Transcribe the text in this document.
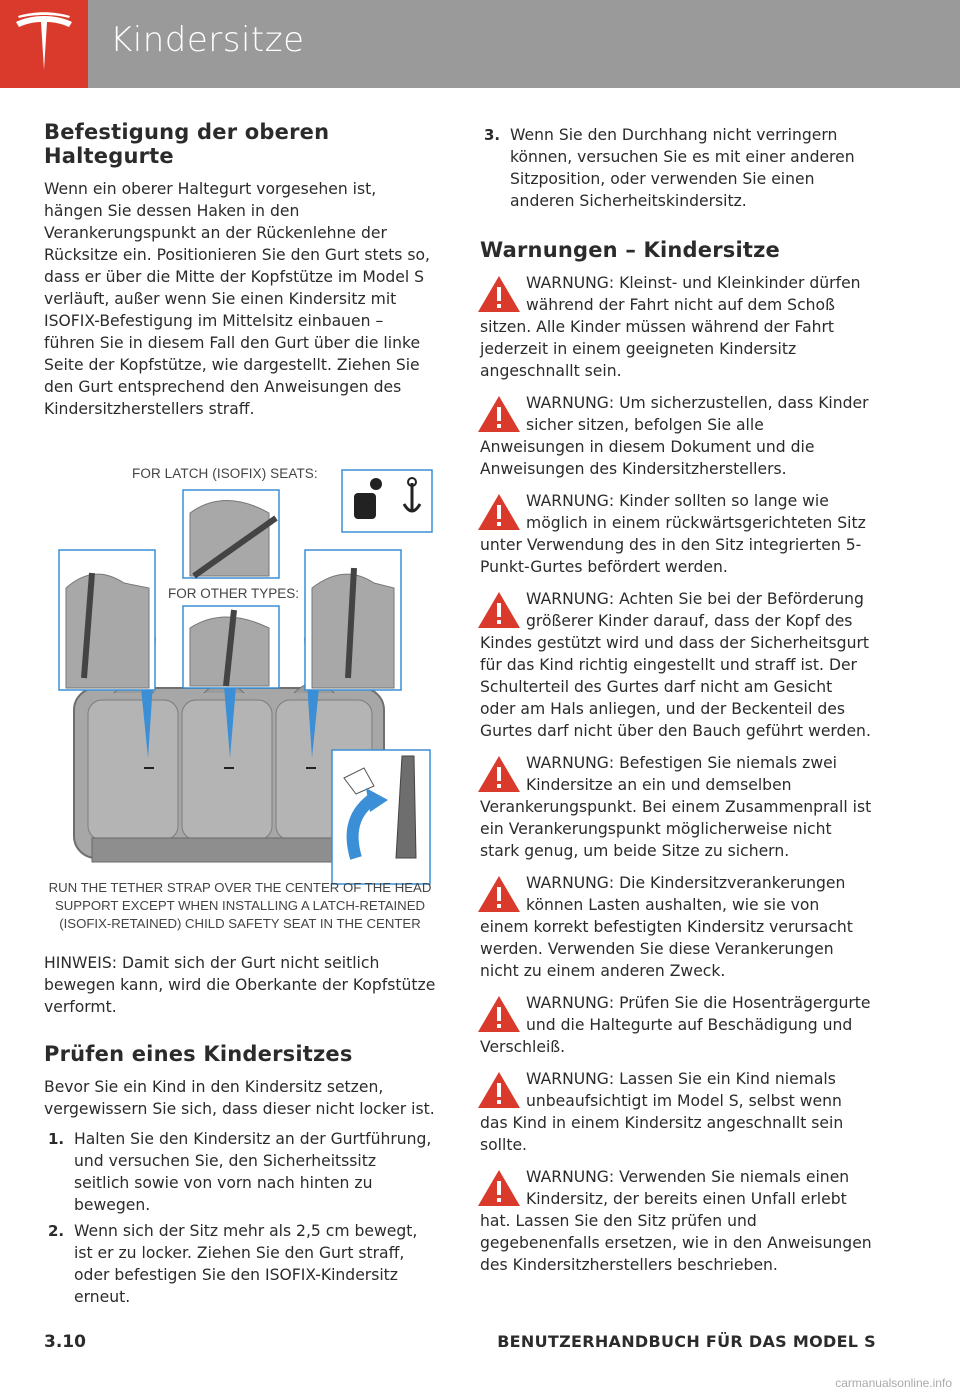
Kindersitze
Befestigung der oberen Haltegurte

Wenn ein oberer Haltegurt vorgesehen ist, hängen Sie dessen Haken in den Verankerungspunkt an der Rückenlehne der Rücksitze ein. Positionieren Sie den Gurt stets so, dass er über die Mitte der Kopfstütze im Model S verläuft, außer wenn Sie einen Kindersitz mit ISOFIX-Befestigung im Mittelsitz einbauen – führen Sie in diesem Fall den Gurt über die linke Seite der Kopfstütze, wie dargestellt. Ziehen Sie den Gurt entsprechend den Anweisungen des Kindersitzherstellers straff.

FOR LATCH (ISOFIX) SEATS:
FOR OTHER TYPES:
RUN THE TETHER STRAP OVER THE CENTER OF THE HEAD
SUPPORT EXCEPT WHEN INSTALLING A LATCH-RETAINED
(ISOFIX-RETAINED) CHILD SAFETY SEAT IN THE CENTER

HINWEIS: Damit sich der Gurt nicht seitlich bewegen kann, wird die Oberkante der Kopfstütze verformt.

Prüfen eines Kindersitzes

Bevor Sie ein Kind in den Kindersitz setzen, vergewissern Sie sich, dass dieser nicht locker ist.

1. Halten Sie den Kindersitz an der Gurtführung, und versuchen Sie, den Sicherheitssitz seitlich sowie von vorn nach hinten zu bewegen.
2. Wenn sich der Sitz mehr als 2,5 cm bewegt, ist er zu locker. Ziehen Sie den Gurt straff, oder befestigen Sie den ISOFIX-Kindersitz erneut.
3. Wenn Sie den Durchhang nicht verringern können, versuchen Sie es mit einer anderen Sitzposition, oder verwenden Sie einen anderen Sicherheitskindersitz.
Warnungen – Kindersitze
WARNUNG: Kleinst- und Kleinkinder dürfen während der Fahrt nicht auf dem Schoß sitzen. Alle Kinder müssen während der Fahrt jederzeit in einem geeigneten Kindersitz angeschnallt sein.
WARNUNG: Um sicherzustellen, dass Kinder sicher sitzen, befolgen Sie alle Anweisungen in diesem Dokument und die Anweisungen des Kindersitzherstellers.
WARNUNG: Kinder sollten so lange wie möglich in einem rückwärtsgerichteten Sitz unter Verwendung des in den Sitz integrierten 5-Punkt-Gurtes befördert werden.
WARNUNG: Achten Sie bei der Beförderung größerer Kinder darauf, dass der Kopf des Kindes gestützt wird und dass der Sicherheitsgurt für das Kind richtig eingestellt und straff ist. Der Schulterteil des Gurtes darf nicht am Gesicht oder am Hals anliegen, und der Beckenteil des Gurtes darf nicht über den Bauch geführt werden.
WARNUNG: Befestigen Sie niemals zwei Kindersitze an ein und demselben Verankerungspunkt. Bei einem Zusammenprall ist ein Verankerungspunkt möglicherweise nicht stark genug, um beide Sitze zu sichern.
WARNUNG: Die Kindersitzverankerungen können Lasten aushalten, wie sie von einem korrekt befestigten Kindersitz verursacht werden. Verwenden Sie diese Verankerungen nicht zu einem anderen Zweck.
WARNUNG: Prüfen Sie die Hosenträgergurte und die Haltegurte auf Beschädigung und Verschleiß.
WARNUNG: Lassen Sie ein Kind niemals unbeaufsichtigt im Model S, selbst wenn das Kind in einem Kindersitz angeschnallt sein sollte.
WARNUNG: Verwenden Sie niemals einen Kindersitz, der bereits einen Unfall erlebt hat. Lassen Sie den Sitz prüfen und gegebenenfalls ersetzen, wie in den Anweisungen des Kindersitzherstellers beschrieben.
3.10	BENUTZERHANDBUCH FÜR DAS MODEL S
carmanualsonline.info
